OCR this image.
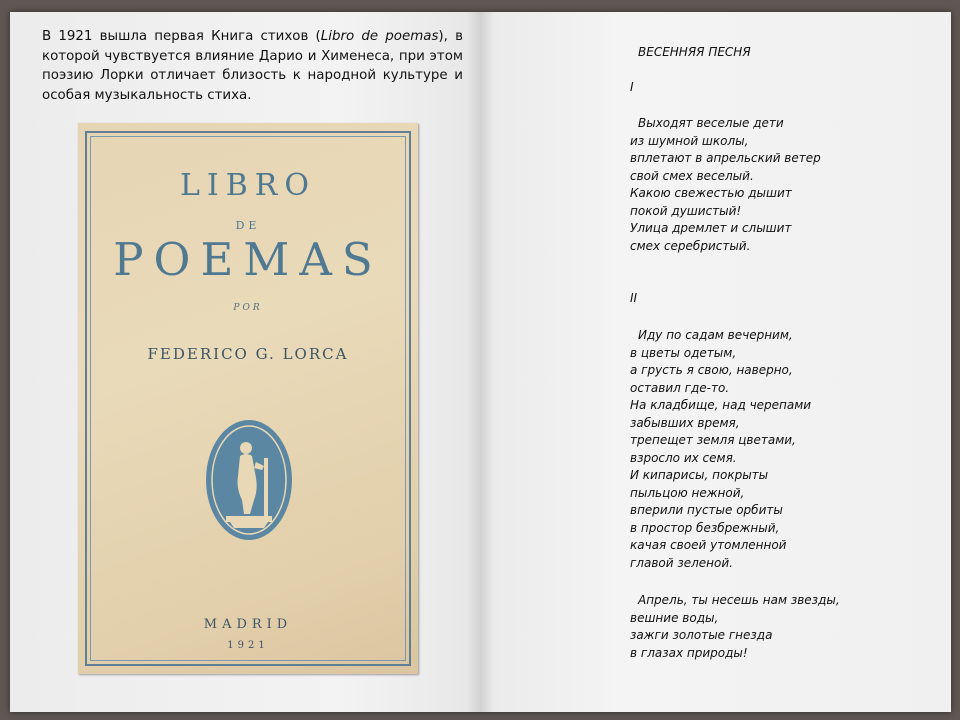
В 1921 вышла первая Книга стихов (Libro de poemas), в которой чувствуется влияние Дарио и Хименеса, при этом поэзию Лорки отличает близость к народной культуре и особая музыкальность стиха.
LIBRO
DE
POEMAS
POR
FEDERICO G. LORCA
MADRID
1921
ВЕСЕННЯЯ ПЕСНЯ
I
Выходят веселые дети
из шумной школы,
вплетают в апрельский ветер
свой смех веселый.
Какою свежестью дышит
покой душистый!
Улица дремлет и слышит
смех серебристый.
II
Иду по садам вечерним,
в цветы одетым,
а грусть я свою, наверно,
оставил где-то.
На кладбище, над черепами
забывших время,
трепещет земля цветами,
взросло их семя.
И кипарисы, покрыты
пыльцою нежной,
вперили пустые орбиты
в простор безбрежный,
качая своей утомленной
главой зеленой.
Апрель, ты несешь нам звезды,
вешние воды,
зажги золотые гнезда
в глазах природы!
